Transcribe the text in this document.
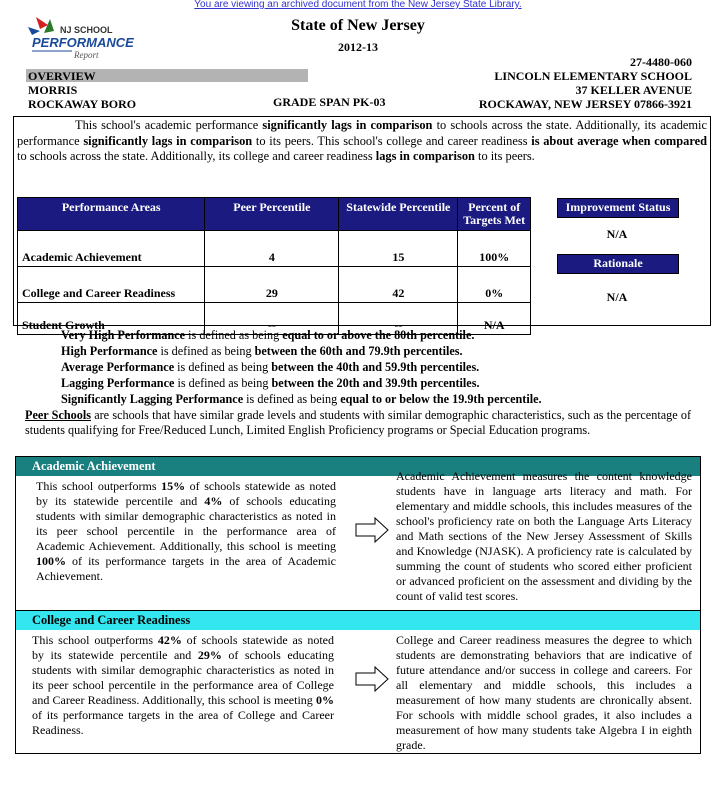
You are viewing an archived document from the New Jersey State Library.
NJ SCHOOL
PERFORMANCE
Report
State of New Jersey
2012-13
OVERVIEW
MORRIS
ROCKAWAY BORO	GRADE SPAN PK-03
27-4480-060
LINCOLN ELEMENTARY SCHOOL
37 KELLER AVENUE
ROCKAWAY, NEW JERSEY 07866-3921
This school's academic performance significantly lags in comparison to schools across the state. Additionally, its academic performance significantly lags in comparison to its peers. This school's college and career readiness is about average when compared to schools across the state. Additionally, its college and career readiness lags in comparison to its peers.
Performance Areas	Peer Percentile	Statewide Percentile	Percent of Targets Met
Academic Achievement	4	15	100%
College and Career Readiness	29	42	0%
Student Growth	--	--	N/A
Improvement Status
N/A
Rationale
N/A
Very High Performance is defined as being equal to or above the 80th percentile.
High Performance is defined as being between the 60th and 79.9th percentiles.
Average Performance is defined as being between the 40th and 59.9th percentiles.
Lagging Performance is defined as being between the 20th and 39.9th percentiles.
Significantly Lagging Performance is defined as being equal to or below the 19.9th percentile.
Peer Schools are schools that have similar grade levels and students with similar demographic characteristics, such as the percentage of students qualifying for Free/Reduced Lunch, Limited English Proficiency programs or Special Education programs.
Academic Achievement
This school outperforms 15% of schools statewide as noted by its statewide percentile and 4% of schools educating students with similar demographic characteristics as noted in its peer school percentile in the performance area of Academic Achievement. Additionally, this school is meeting 100% of its performance targets in the area of Academic Achievement.
Academic Achievement measures the content knowledge students have in language arts literacy and math. For elementary and middle schools, this includes measures of the school's proficiency rate on both the Language Arts Literacy and Math sections of the New Jersey Assessment of Skills and Knowledge (NJASK). A proficiency rate is calculated by summing the count of students who scored either proficient or advanced proficient on the assessment and dividing by the count of valid test scores.
College and Career Readiness
This school outperforms 42% of schools statewide as noted by its statewide percentile and 29% of schools educating students with similar demographic characteristics as noted in its peer school percentile in the performance area of College and Career Readiness. Additionally, this school is meeting 0% of its performance targets in the area of College and Career Readiness.
College and Career readiness measures the degree to which students are demonstrating behaviors that are indicative of future attendance and/or success in college and careers. For all elementary and middle schools, this includes a measurement of how many students are chronically absent. For schools with middle school grades, it also includes a measurement of how many students take Algebra I in eighth grade.
